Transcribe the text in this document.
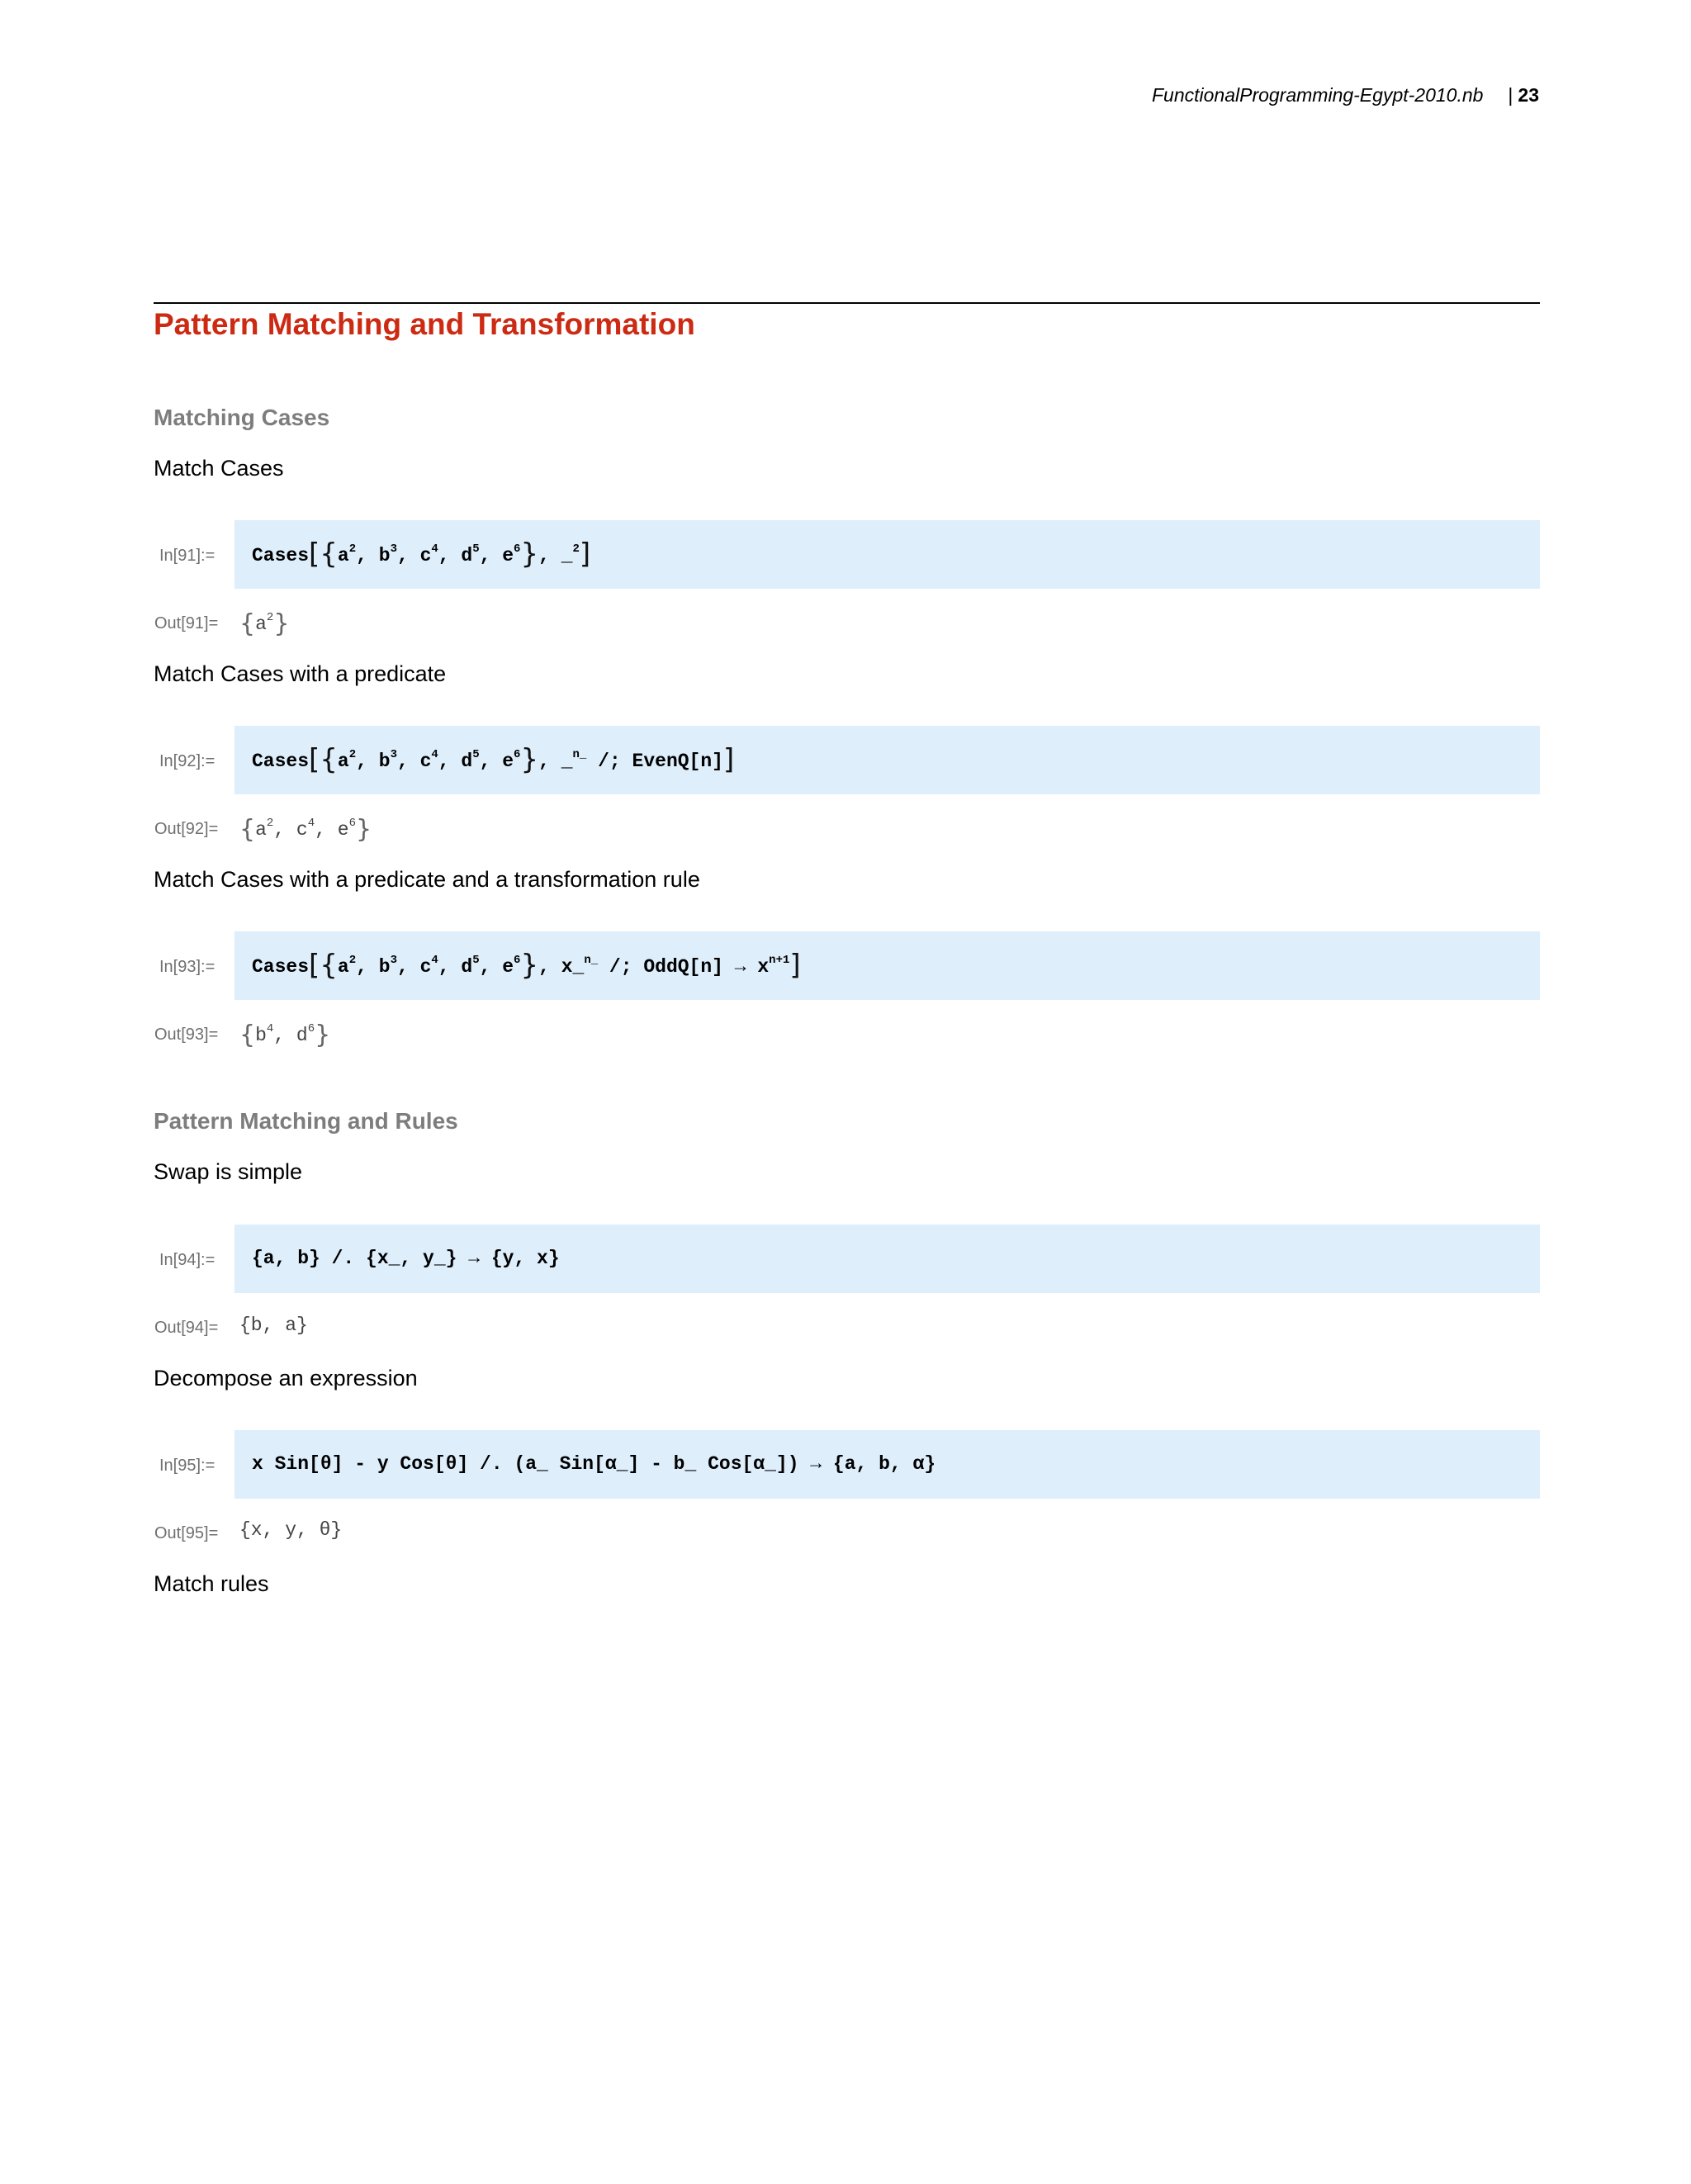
FunctionalProgramming-Egypt-2010.nb | 23
Pattern Matching and Transformation
Matching Cases
Match Cases
In[91]:= $Cases[\{a^2$, $b^3$, $c^4$, $d^5$, $e^6$}, _$^2$]
$Out[91]= \{a^2\}$
Match Cases with a predicate
In[92]:= $Cases[\{a^2$, $b^3$, $c^4$, $d^5$, $e^6$}, _$^{n\_}$ /; EvenQ[n]]
$Out[92]= \{a^2$, $c^4$, $e^6$}
Match Cases with a predicate and a transformation rule
In[93]:= $Cases[\{a^2$, $b^3$, $c^4$, $d^5$, $e^6$}, x_$^{n\_}$ /; OddQ[n] → $x^{n+1}$]
$Out[93]= \{b^4$, $d^6$}
Pattern Matching and Rules
Swap is simple
In[94]:= {a, b} /. {x_, y_} → {y, x}
Out[94]= {b, a}
Decompose an expression
In[95]:= x Sin[θ] - y Cos[θ] /. (a_ Sin[α_] - b_ Cos[α_]) → {a, b, α}
Out[95]= {x, y, θ}
Match rules
